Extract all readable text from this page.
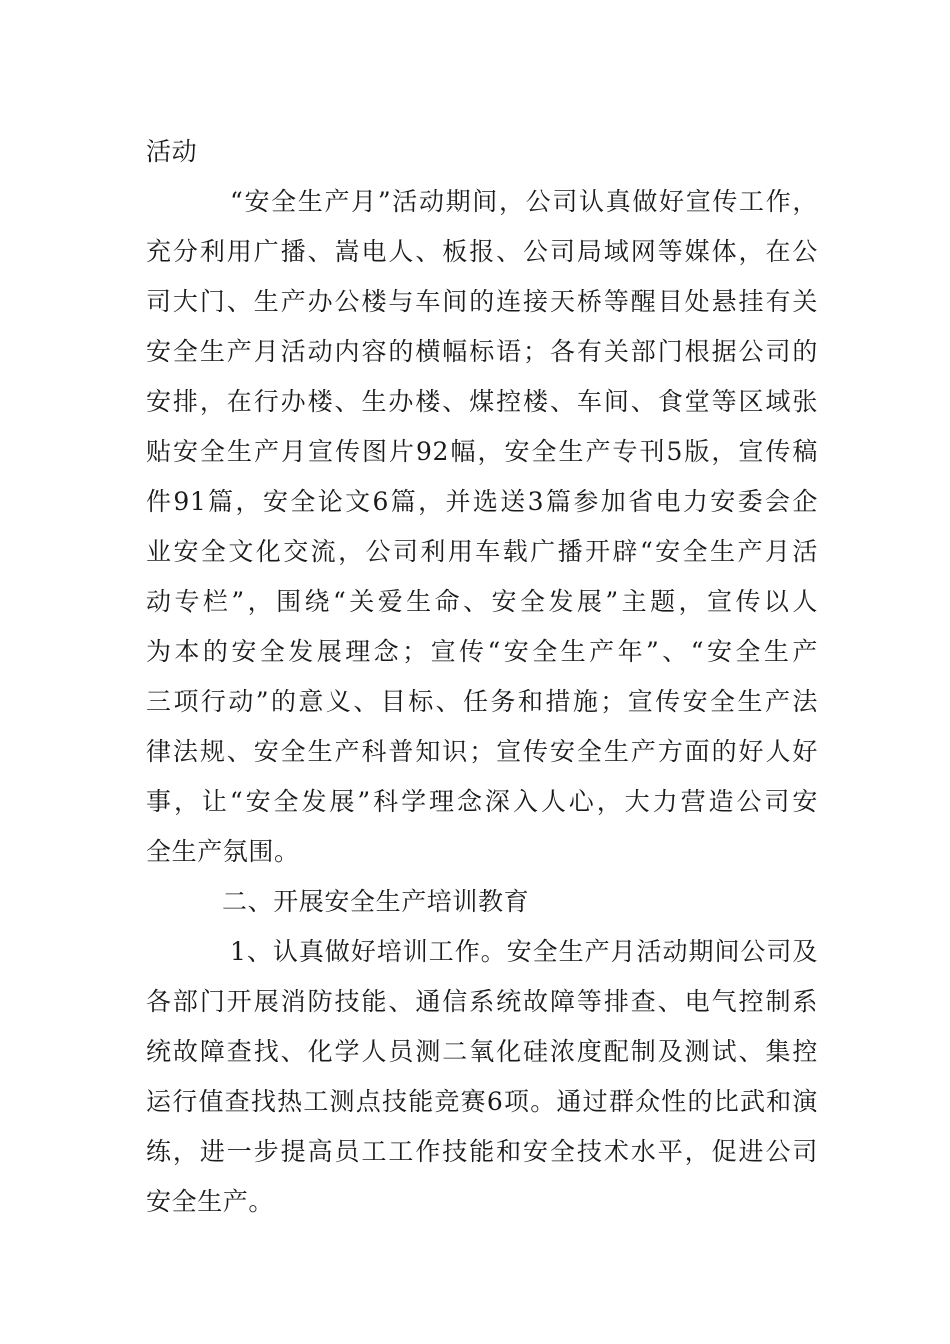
活动
“安全生产月”活动期间，公司认真做好宣传工作，
充分利用广播、嵩电人、板报、公司局域网等媒体，在公
司大门、生产办公楼与车间的连接天桥等醒目处悬挂有关
安全生产月活动内容的横幅标语；各有关部门根据公司的
安排，在行办楼、生办楼、煤控楼、车间、食堂等区域张
贴安全生产月宣传图片92幅，安全生产专刊5版，宣传稿
件91篇，安全论文6篇，并选送3篇参加省电力安委会企
业安全文化交流，公司利用车载广播开辟“安全生产月活
动专栏”，围绕“关爱生命、安全发展”主题，宣传以人
为本的安全发展理念；宣传“安全生产年”、“安全生产
三项行动”的意义、目标、任务和措施；宣传安全生产法
律法规、安全生产科普知识；宣传安全生产方面的好人好
事，让“安全发展”科学理念深入人心，大力营造公司安
全生产氛围。
二、开展安全生产培训教育
1、认真做好培训工作。安全生产月活动期间公司及
各部门开展消防技能、通信系统故障等排查、电气控制系
统故障查找、化学人员测二氧化硅浓度配制及测试、集控
运行值查找热工测点技能竞赛6项。通过群众性的比武和演
练，进一步提高员工工作技能和安全技术水平，促进公司
安全生产。
